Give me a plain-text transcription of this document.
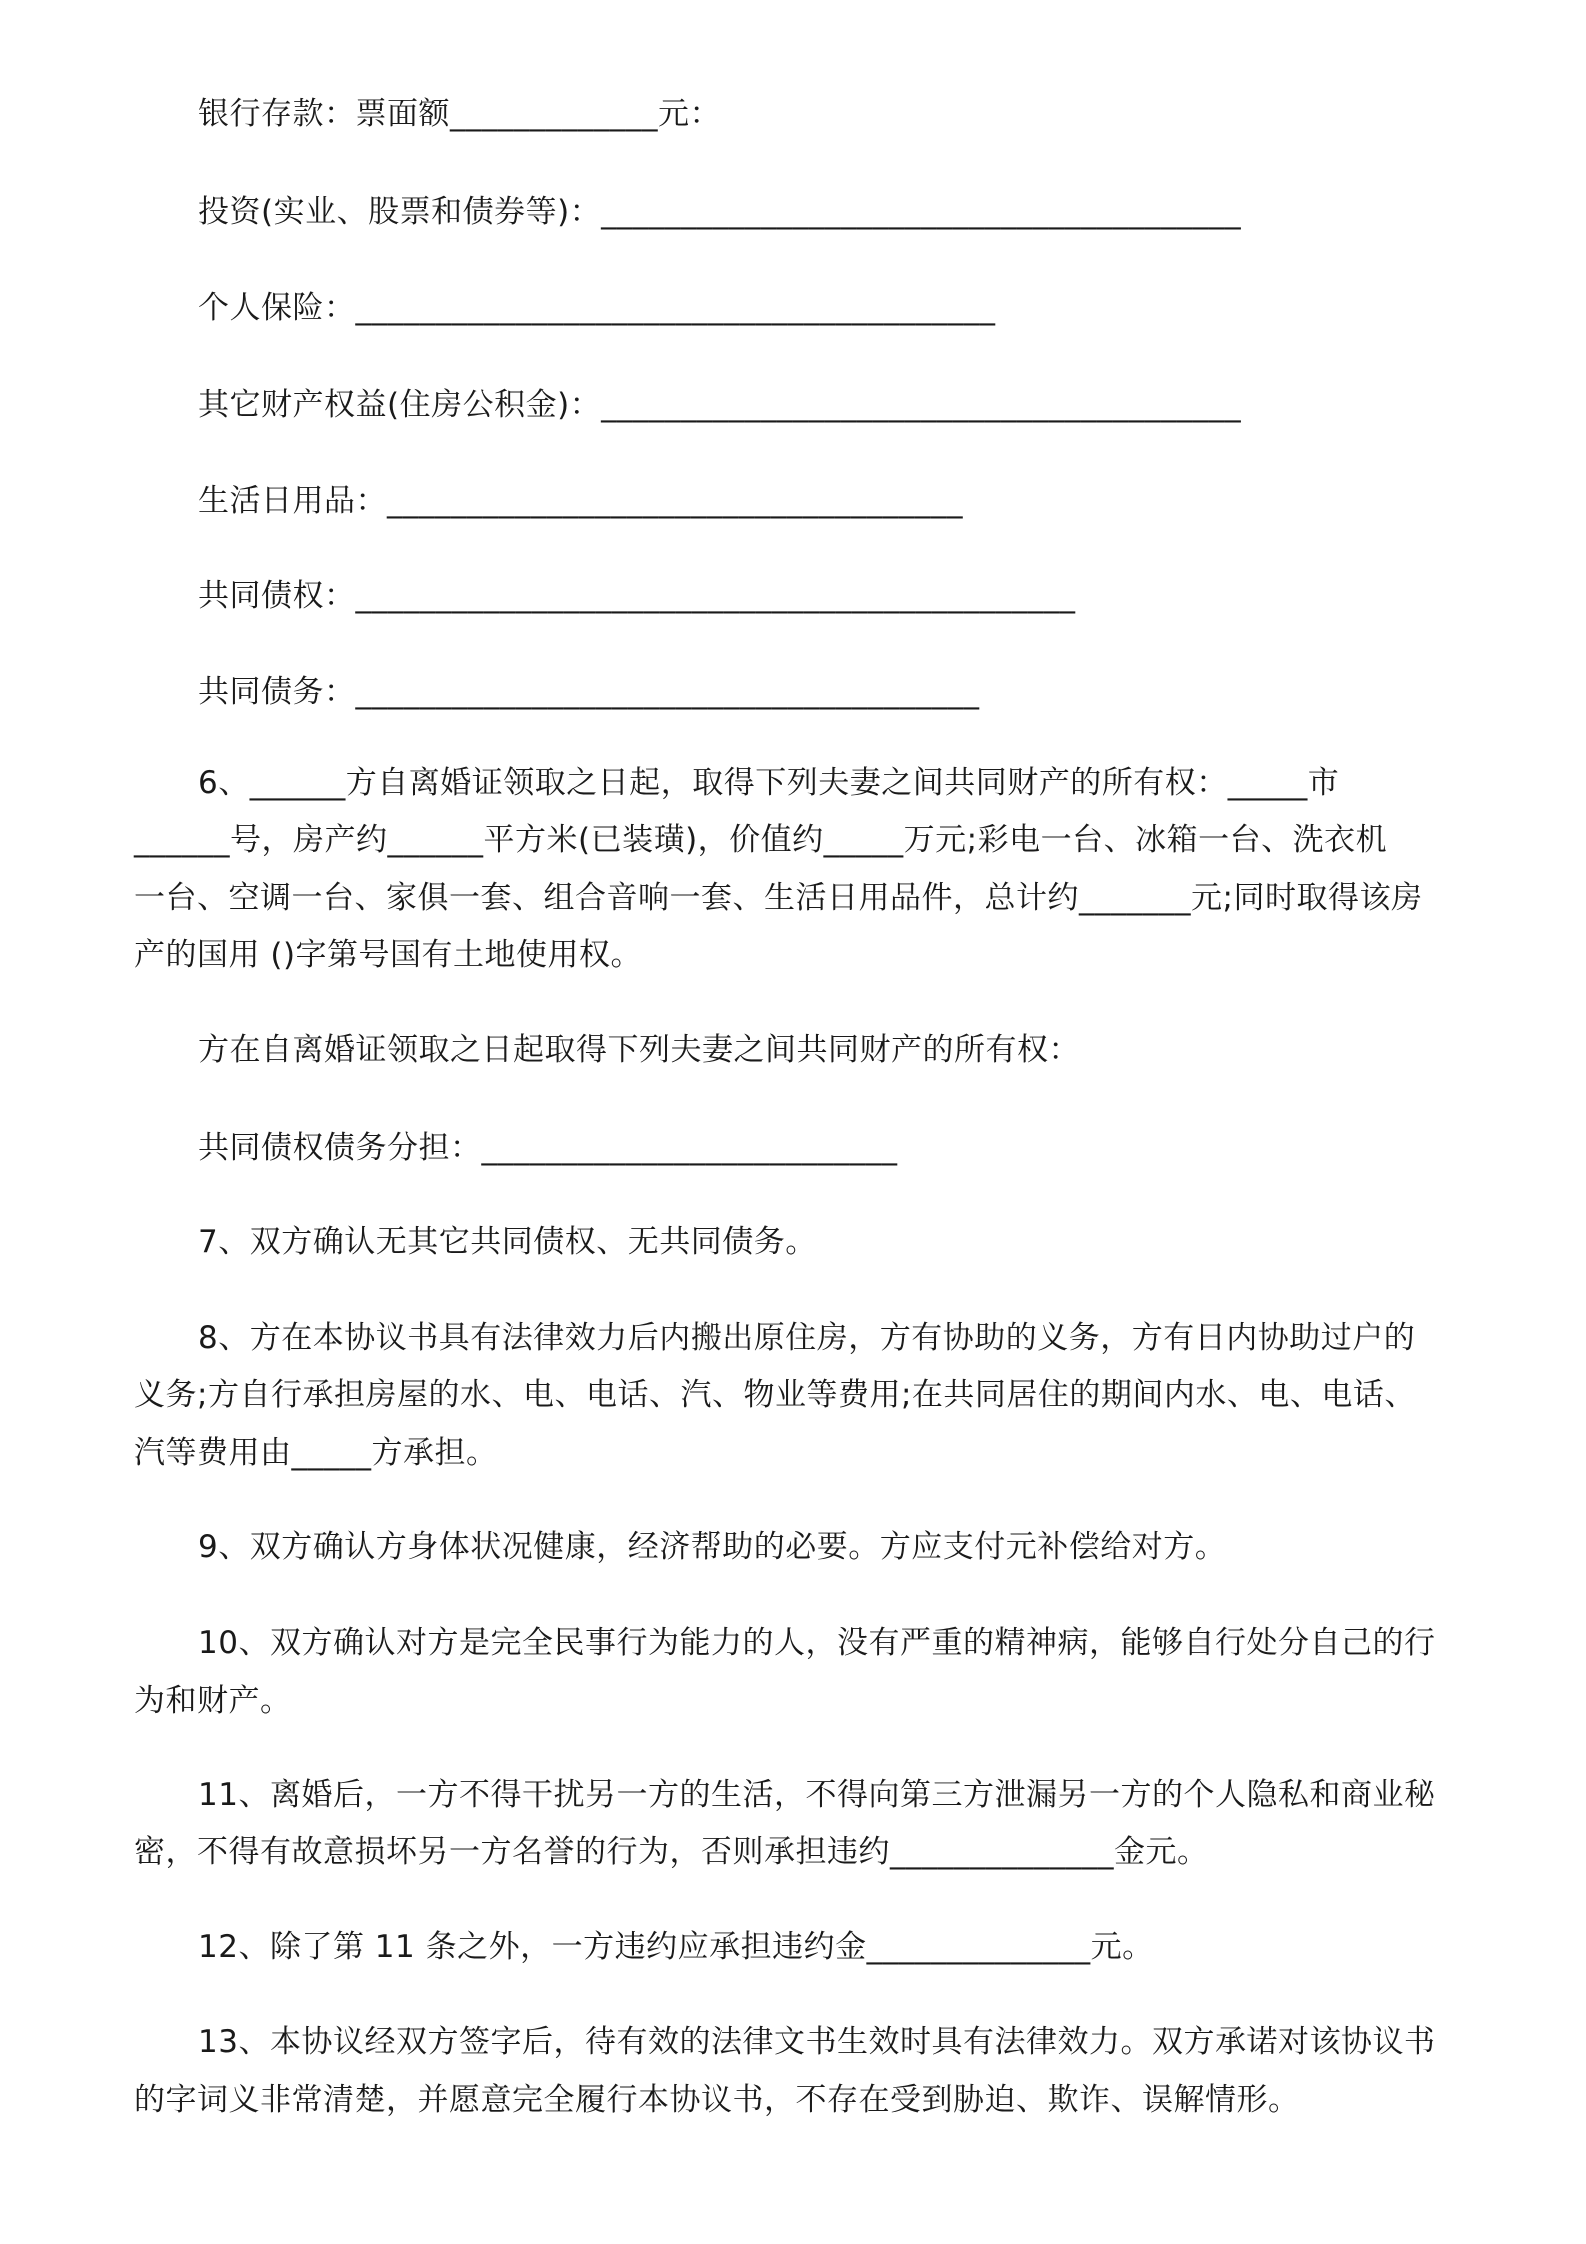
银行存款：票面额_____________元：
投资(实业、股票和债券等)：________________________________________
个人保险：________________________________________
其它财产权益(住房公积金)：________________________________________
生活日用品：____________________________________
共同债权：_____________________________________________
共同债务：_______________________________________
6、______方自离婚证领取之日起，取得下列夫妻之间共同财产的所有权：_____市
______号，房产约______平方米(已装璜)，价值约_____万元;彩电一台、冰箱一台、洗衣机
一台、空调一台、家俱一套、组合音响一套、生活日用品件，总计约_______元;同时取得该房
产的国用 ()字第号国有土地使用权。
方在自离婚证领取之日起取得下列夫妻之间共同财产的所有权：
共同债权债务分担：__________________________
7、双方确认无其它共同债权、无共同债务。
8、方在本协议书具有法律效力后内搬出原住房，方有协助的义务，方有日内协助过户的
义务;方自行承担房屋的水、电、电话、汽、物业等费用;在共同居住的期间内水、电、电话、
汽等费用由_____方承担。
9、双方确认方身体状况健康，经济帮助的必要。方应支付元补偿给对方。
10、双方确认对方是完全民事行为能力的人，没有严重的精神病，能够自行处分自己的行
为和财产。
11、离婚后，一方不得干扰另一方的生活，不得向第三方泄漏另一方的个人隐私和商业秘
密，不得有故意损坏另一方名誉的行为，否则承担违约______________金元。
12、除了第 11 条之外，一方违约应承担违约金______________元。
13、本协议经双方签字后，待有效的法律文书生效时具有法律效力。双方承诺对该协议书
的字词义非常清楚，并愿意完全履行本协议书，不存在受到胁迫、欺诈、误解情形。
